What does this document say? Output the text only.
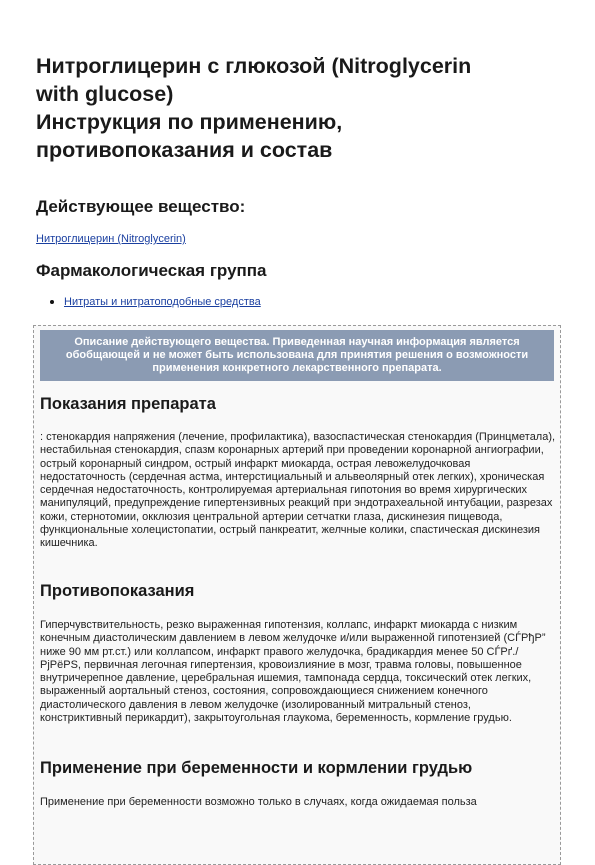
Нитроглицерин с глюкозой (Nitroglycerin
with glucose)
Инструкция по применению,
противопоказания и состав
Действующее вещество:
Нитроглицерин (Nitroglycerin)
Фармакологическая группа
Нитраты и нитратоподобные средства
Описание действующего вещества. Приведенная научная информация является обобщающей и не может быть использована для принятия решения о возможности применения конкретного лекарственного препарата.
Показания препарата

: стенокардия напряжения (лечение, профилактика), вазоспастическая стенокардия (Принцметала), нестабильная стенокардия, спазм коронарных артерий при проведении коронарной ангиографии, острый коронарный синдром, острый инфаркт миокарда, острая левожелудочковая недостаточность (сердечная астма, интерстициальный и альвеолярный отек легких), хроническая сердечная недостаточность, контролируемая артериальная гипотония во время хирургических манипуляций, предупреждение гипертензивных реакций при эндотрахеальной интубации, разрезах кожи, стернотомии, окклюзия центральной артерии сетчатки глаза, дискинезия пищевода, функциональные холецистопатии, острый панкреатит, желчные колики, спастическая дискинезия кишечника.

Противопоказания

Гиперчувствительность, резко выраженная гипотензия, коллапс, инфаркт миокарда с низким конечным диастолическим давлением в левом желудочке и/или выраженной гипотензией (СЃРђР” ниже 90 мм рт.ст.) или коллапсом, инфаркт правого желудочка, брадикардия менее 50 СЃРґ./РјРёРЅ, первичная легочная гипертензия, кровоизлияние в мозг, травма головы, повышенное внутричерепное давление, церебральная ишемия, тампонада сердца, токсический отек легких, выраженный аортальный стеноз, состояния, сопровождающиеся снижением конечного диастолического давления в левом желудочке (изолированный митральный стеноз, констриктивный перикардит), закрытоугольная глаукома, беременность, кормление грудью.

Применение при беременности и кормлении грудью

Применение при беременности возможно только в случаях, когда ожидаемая польза
